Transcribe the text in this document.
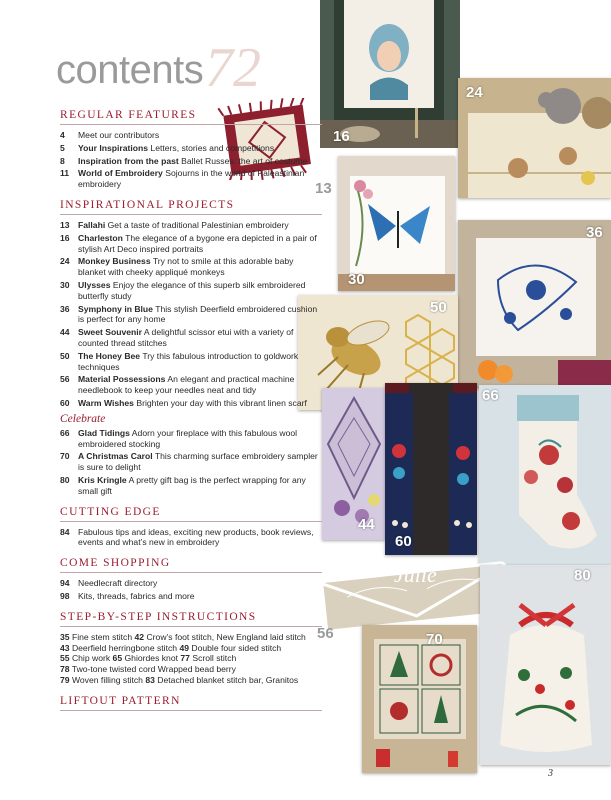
contents 72
16
24
13
30
36
50
44
60
66
Julie
56	70
80
REGULAR FEATURES
4	Meet our contributors
5	Your Inspirations Letters, stories and competitions
8	Inspiration from the past Ballet Russes: the art of costume
11	World of Embroidery Sojourns in the world of Paleastinian embroidery
INSPIRATIONAL PROJECTS
13 Fallahi Get a taste of traditional Palestinian embroidery
16 Charleston The elegance of a bygone era depicted in a pair of stylish Art Deco inspired portraits
24 Monkey Business Try not to smile at this adorable baby blanket with cheeky appliqué monkeys
30 Ulysses Enjoy the elegance of this superb silk embroidered butterfly study
36 Symphony in Blue This stylish Deerfield embroidered cushion is perfect for any home
44 Sweet Souvenir A delightful scissor etui with a variety of counted thread stitches
50 The Honey Bee Try this fabulous introduction to goldwork techniques
56 Material Possessions An elegant and practical machine needlebook to keep your needles neat and tidy
60 Warm Wishes Brighten your day with this vibrant linen scarf
Celebrate
66 Glad Tidings Adorn your fireplace with this fabulous wool embroidered stocking
70 A Christmas Carol This charming surface embroidery sampler is sure to delight
80 Kris Kringle A pretty gift bag is the perfect wrapping for any small gift
CUTTING EDGE
84 Fabulous tips and ideas, exciting new products, book reviews, events and what’s new in embroidery
COME SHOPPING
94 Needlecraft directory
98 Kits, threads, fabrics and more
STEP-BY-STEP INSTRUCTIONS
35 Fine stem stitch 42 Crow’s foot stitch, New England laid stitch
43 Deerfield herringbone stitch 49 Double four sided stitch
55 Chip work 65 Ghiordes knot 77 Scroll stitch
78 Two-tone twisted cord Wrapped bead berry
79 Woven filling stitch 83 Detached blanket stitch bar, Granitos
LIFTOUT PATTERN
3
